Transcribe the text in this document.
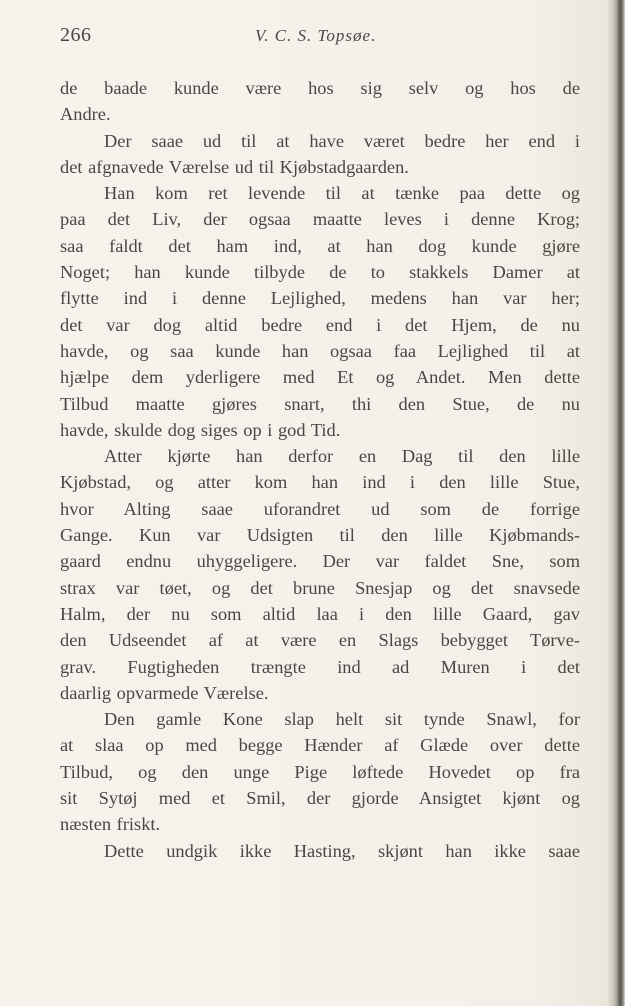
266	V. C. S. Topsøe.
de baade kunde være hos sig selv og hos de
Andre.
Der saae ud til at have været bedre her end i
det afgnavede Værelse ud til Kjøbstadgaarden.
Han kom ret levende til at tænke paa dette og
paa det Liv, der ogsaa maatte leves i denne Krog;
saa faldt det ham ind, at han dog kunde gjøre
Noget; han kunde tilbyde de to stakkels Damer at
flytte ind i denne Lejlighed, medens han var her;
det var dog altid bedre end i det Hjem, de nu
havde, og saa kunde han ogsaa faa Lejlighed til at
hjælpe dem yderligere med Et og Andet. Men dette
Tilbud maatte gjøres snart, thi den Stue, de nu
havde, skulde dog siges op i god Tid.
Atter kjørte han derfor en Dag til den lille
Kjøbstad, og atter kom han ind i den lille Stue,
hvor Alting saae uforandret ud som de forrige
Gange. Kun var Udsigten til den lille Kjøbmands-
gaard endnu uhyggeligere. Der var faldet Sne, som
strax var tøet, og det brune Snesjap og det snavsede
Halm, der nu som altid laa i den lille Gaard, gav
den Udseendet af at være en Slags bebygget Tørve-
grav. Fugtigheden trængte ind ad Muren i det
daarlig opvarmede Værelse.
Den gamle Kone slap helt sit tynde Snawl, for
at slaa op med begge Hænder af Glæde over dette
Tilbud, og den unge Pige løftede Hovedet op fra
sit Sytøj med et Smil, der gjorde Ansigtet kjønt og
næsten friskt.
Dette undgik ikke Hasting, skjønt han ikke saae
